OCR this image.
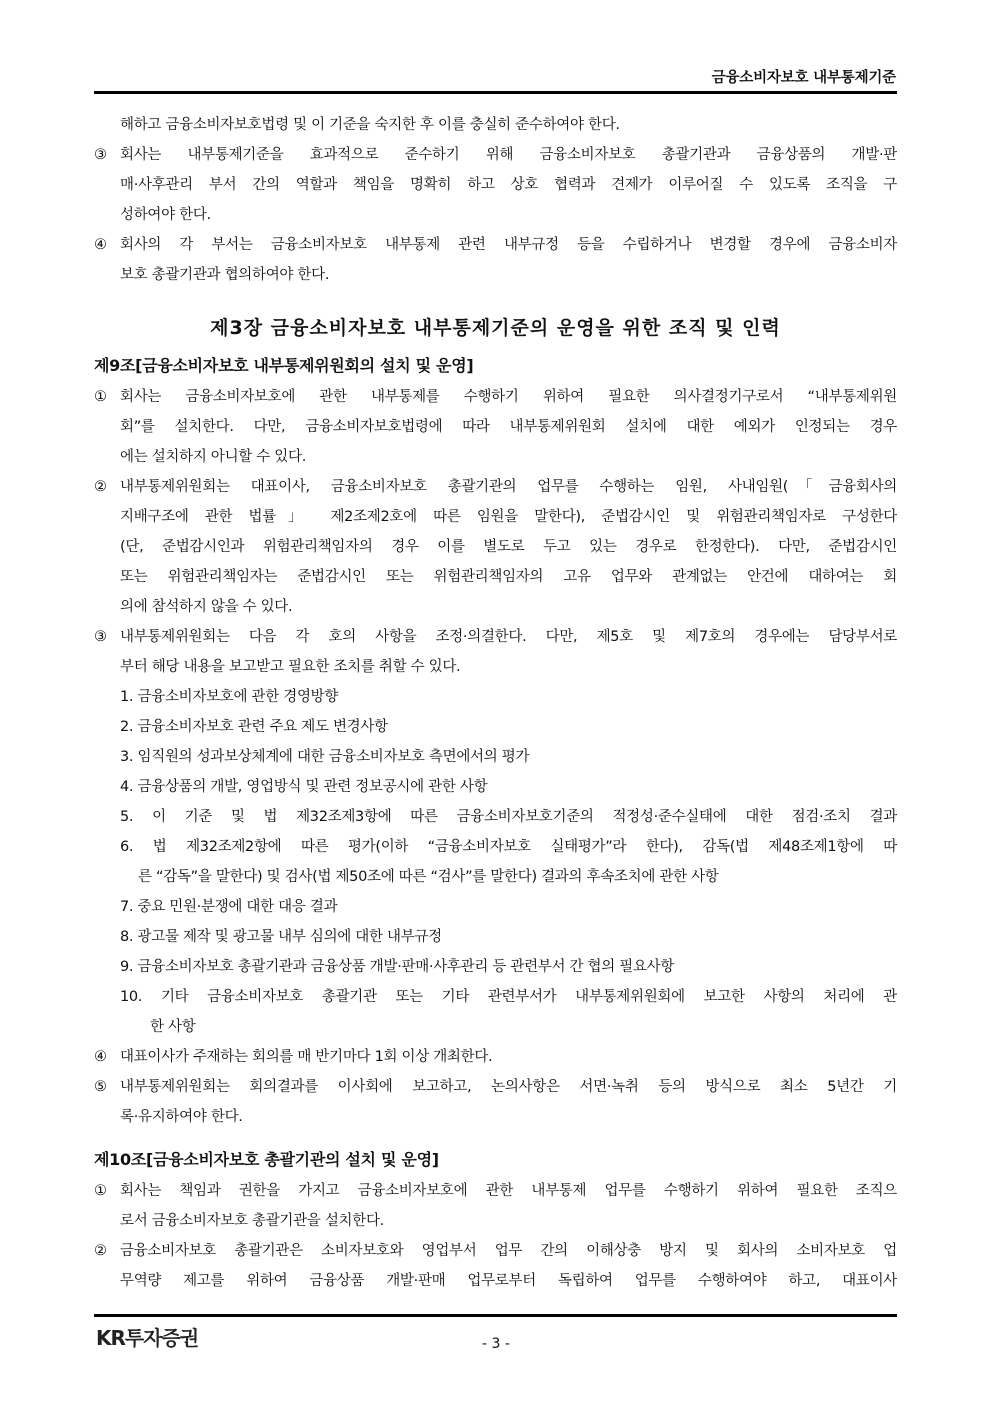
금융소비자보호 내부통제기준
해하고 금융소비자보호법령 및 이 기준을 숙지한 후 이를 충실히 준수하여야 한다.
③ 회사는 내부통제기준을 효과적으로 준수하기 위해 금융소비자보호 총괄기관과 금융상품의 개발·판
매·사후관리 부서 간의 역할과 책임을 명확히 하고 상호 협력과 견제가 이루어질 수 있도록 조직을 구
성하여야 한다.
④ 회사의 각 부서는 금융소비자보호 내부통제 관련 내부규정 등을 수립하거나 변경할 경우에 금융소비자
보호 총괄기관과 협의하여야 한다.
제3장 금융소비자보호 내부통제기준의 운영을 위한 조직 및 인력
제9조[금융소비자보호 내부통제위원회의 설치 및 운영]
① 회사는 금융소비자보호에 관한 내부통제를 수행하기 위하여 필요한 의사결정기구로서 “내부통제위원
회”를 설치한다. 다만, 금융소비자보호법령에 따라 내부통제위원회 설치에 대한 예외가 인정되는 경우
에는 설치하지 아니할 수 있다.
② 내부통제위원회는 대표이사, 금융소비자보호 총괄기관의 업무를 수행하는 임원, 사내임원(「금융회사의
지배구조에 관한 법률」 제2조제2호에 따른 임원을 말한다), 준법감시인 및 위험관리책임자로 구성한다
(단, 준법감시인과 위험관리책임자의 경우 이를 별도로 두고 있는 경우로 한정한다). 다만, 준법감시인
또는 위험관리책임자는 준법감시인 또는 위험관리책임자의 고유 업무와 관계없는 안건에 대하여는 회
의에 참석하지 않을 수 있다.
③ 내부통제위원회는 다음 각 호의 사항을 조정·의결한다. 다만, 제5호 및 제7호의 경우에는 담당부서로
부터 해당 내용을 보고받고 필요한 조치를 취할 수 있다.
1. 금융소비자보호에 관한 경영방향
2. 금융소비자보호 관련 주요 제도 변경사항
3. 임직원의 성과보상체계에 대한 금융소비자보호 측면에서의 평가
4. 금융상품의 개발, 영업방식 및 관련 정보공시에 관한 사항
5. 이 기준 및 법 제32조제3항에 따른 금융소비자보호기준의 적정성·준수실태에 대한 점검·조치 결과
6. 법 제32조제2항에 따른 평가(이하 “금융소비자보호 실태평가”라 한다), 감독(법 제48조제1항에 따
른 “감독”을 말한다) 및 검사(법 제50조에 따른 “검사”를 말한다) 결과의 후속조치에 관한 사항
7. 중요 민원·분쟁에 대한 대응 결과
8. 광고물 제작 및 광고물 내부 심의에 대한 내부규정
9. 금융소비자보호 총괄기관과 금융상품 개발·판매·사후관리 등 관련부서 간 협의 필요사항
10. 기타 금융소비자보호 총괄기관 또는 기타 관련부서가 내부통제위원회에 보고한 사항의 처리에 관
한 사항
④ 대표이사가 주재하는 회의를 매 반기마다 1회 이상 개최한다.
⑤ 내부통제위원회는 회의결과를 이사회에 보고하고, 논의사항은 서면·녹취 등의 방식으로 최소 5년간 기
록·유지하여야 한다.
제10조[금융소비자보호 총괄기관의 설치 및 운영]
① 회사는 책임과 권한을 가지고 금융소비자보호에 관한 내부통제 업무를 수행하기 위하여 필요한 조직으
로서 금융소비자보호 총괄기관을 설치한다.
② 금융소비자보호 총괄기관은 소비자보호와 영업부서 업무 간의 이해상충 방지 및 회사의 소비자보호 업
무역량 제고를 위하여 금융상품 개발·판매 업무로부터 독립하여 업무를 수행하여야 하고, 대표이사
KR투자증권	- 3 -
